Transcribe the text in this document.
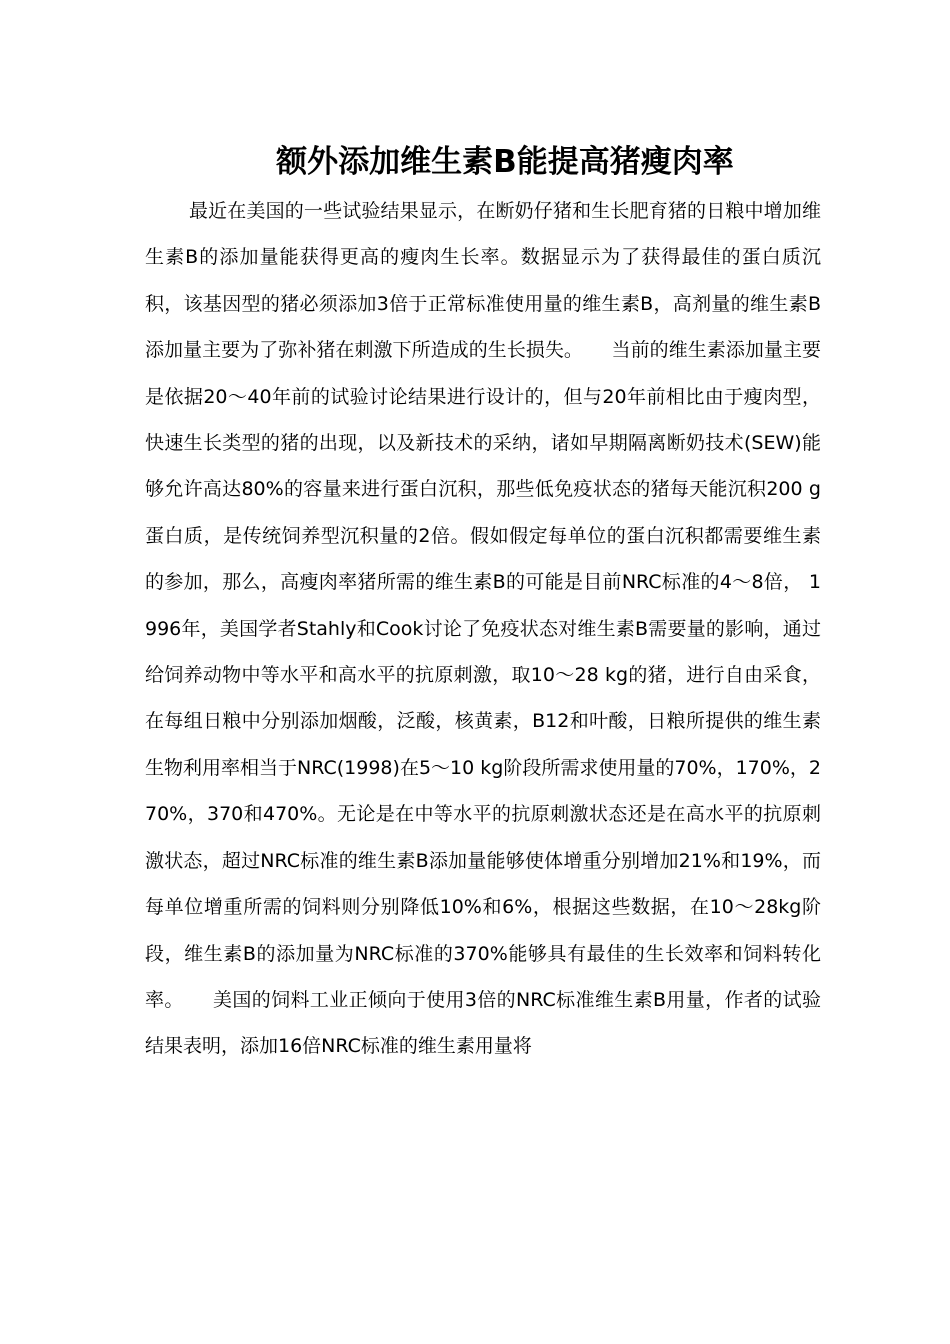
额外添加维生素B能提高猪瘦肉率

最近在美国的一些试验结果显示，在断奶仔猪和生长肥育猪的日粮中增加维生素B的添加量能获得更高的瘦肉生长率。数据显示为了获得最佳的蛋白质沉积，该基因型的猪必须添加3倍于正常标准使用量的维生素B，高剂量的维生素B添加量主要为了弥补猪在刺激下所造成的生长损失。　　当前的维生素添加量主要是依据20～40年前的试验讨论结果进行设计的，但与20年前相比由于瘦肉型，快速生长类型的猪的出现，以及新技术的采纳，诸如早期隔离断奶技术(SEW)能够允许高达80%的容量来进行蛋白沉积，那些低免疫状态的猪每天能沉积200 g蛋白质，是传统饲养型沉积量的2倍。假如假定每单位的蛋白沉积都需要维生素的参加，那么，高瘦肉率猪所需的维生素B的可能是目前NRC标准的4～8倍， 1996年，美国学者Stahly和Cook讨论了免疫状态对维生素B需要量的影响，通过给饲养动物中等水平和高水平的抗原刺激，取10～28 kg的猪，进行自由采食，在每组日粮中分别添加烟酸，泛酸，核黄素，B12和叶酸，日粮所提供的维生素生物利用率相当于NRC(1998)在5～10 kg阶段所需求使用量的70%，170%，270%，370和470%。无论是在中等水平的抗原刺激状态还是在高水平的抗原刺激状态，超过NRC标准的维生素B添加量能够使体增重分别增加21%和19%，而每单位增重所需的饲料则分别降低10%和6%，根据这些数据，在10～28kg阶段，维生素B的添加量为NRC标准的370%能够具有最佳的生长效率和饲料转化率。　　美国的饲料工业正倾向于使用3倍的NRC标准维生素B用量，作者的试验结果表明，添加16倍NRC标准的维生素用量将
